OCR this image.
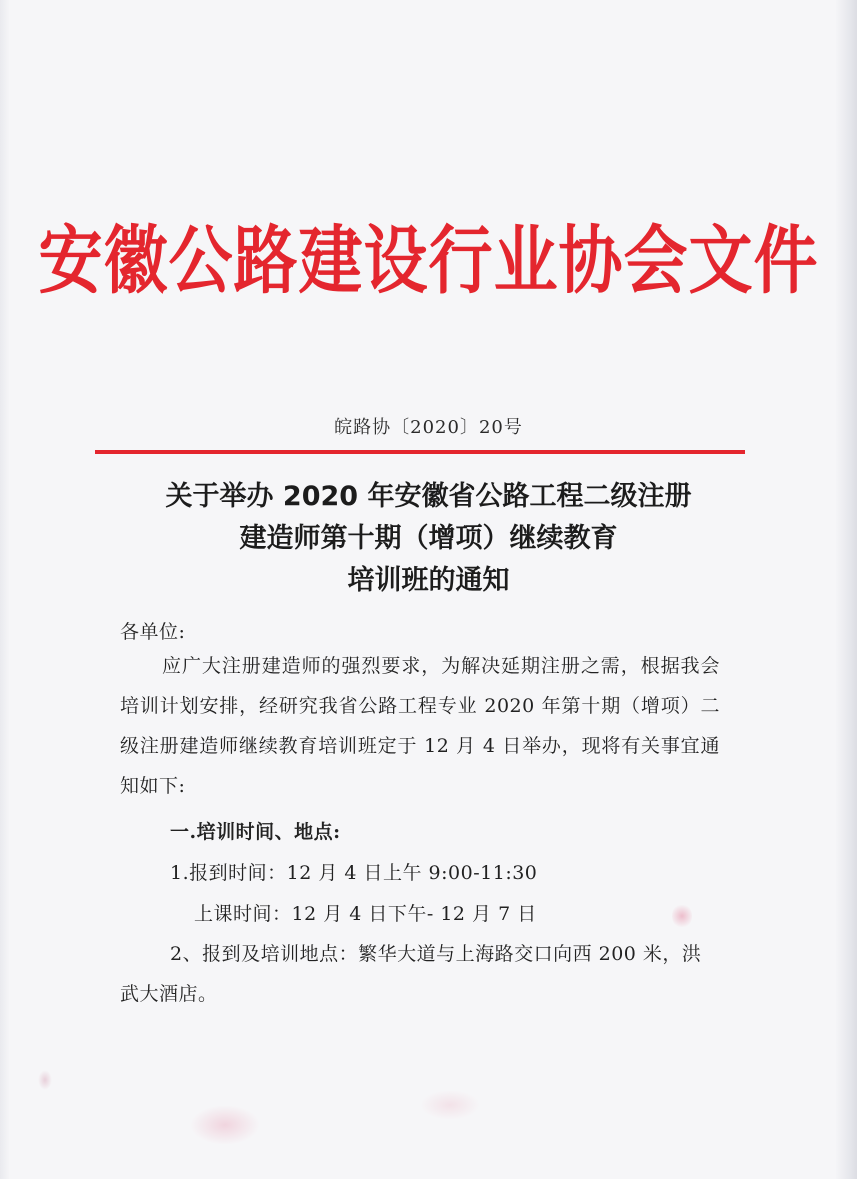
安徽公路建设行业协会文件
皖路协〔2020〕20号
关于举办 2020 年安徽省公路工程二级注册
建造师第十期（增项）继续教育
培训班的通知
各单位:
应广大注册建造师的强烈要求，为解决延期注册之需，根据我会培训计划安排，经研究我省公路工程专业 2020 年第十期（增项）二级注册建造师继续教育培训班定于 12 月 4 日举办，现将有关事宜通知如下:
一.培训时间、地点:
1.报到时间：12 月 4 日上午 9:00-11:30
上课时间：12 月 4 日下午- 12 月 7 日
2、报到及培训地点：繁华大道与上海路交口向西 200 米，洪武大酒店。
